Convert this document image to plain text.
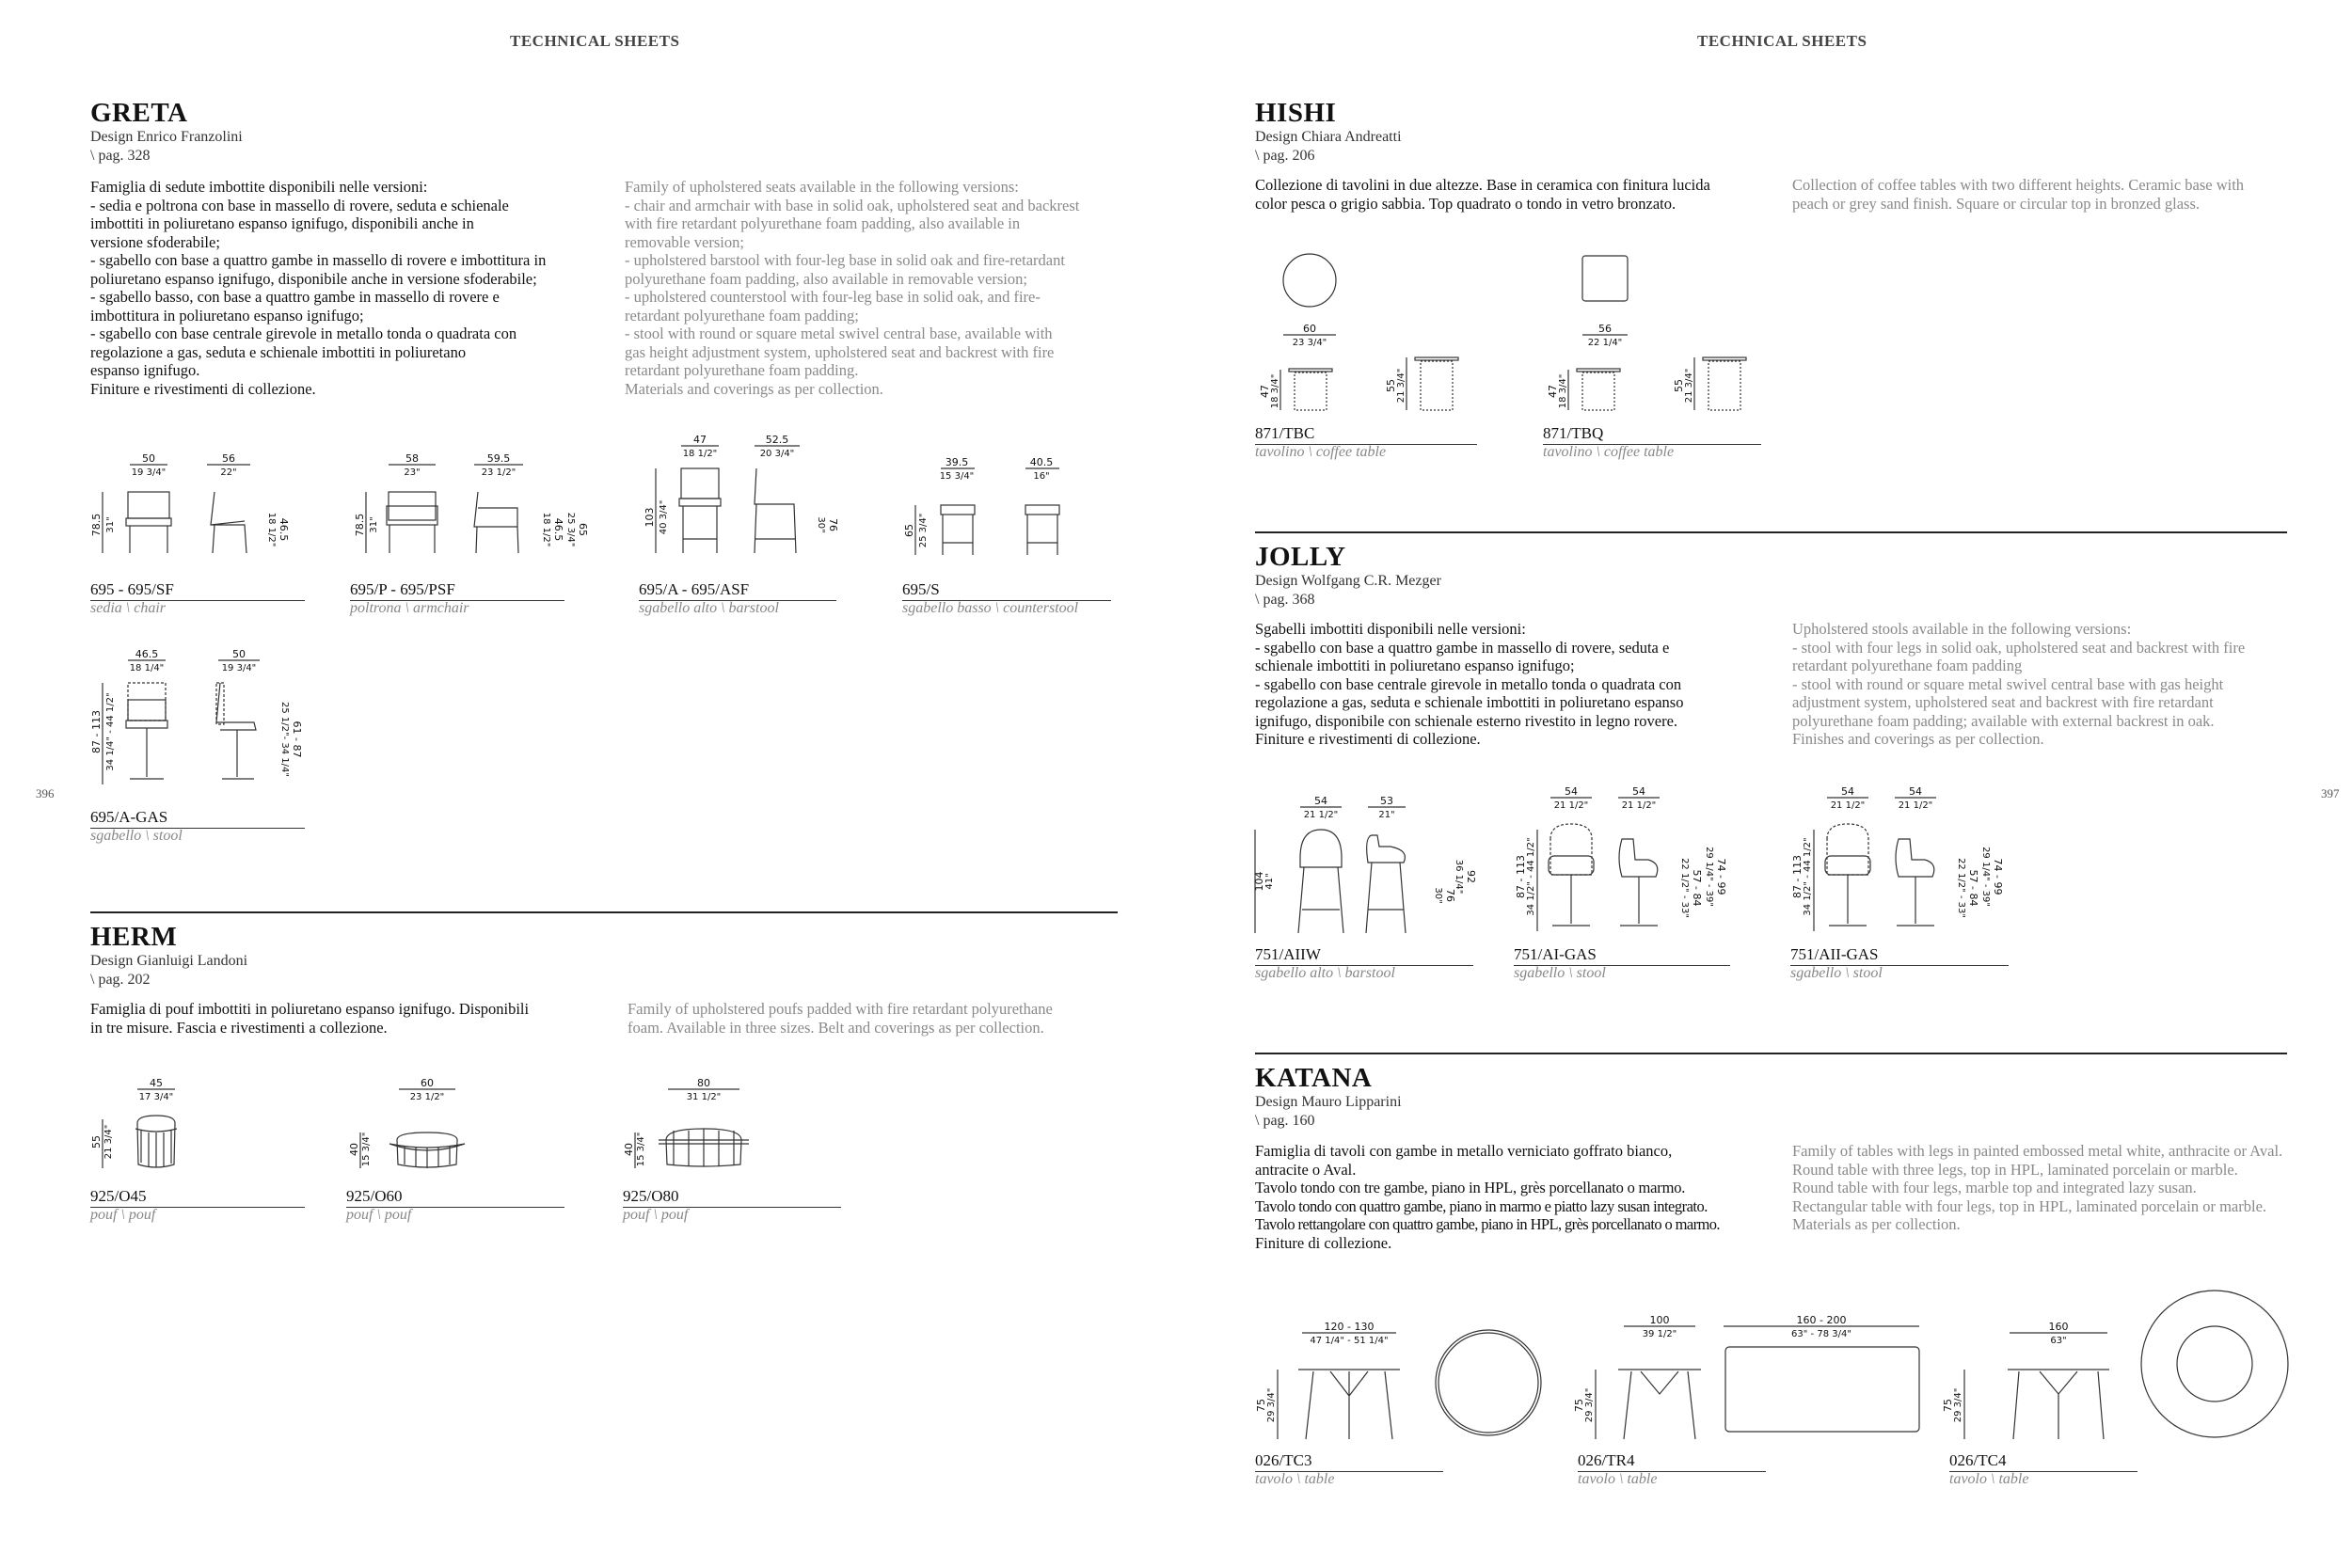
TECHNICAL SHEETS	TECHNICAL SHEETS
396	397
GRETA
Design Enrico Franzolini
\ pag. 328
Famiglia di sedute imbottite disponibili nelle versioni:
- sedia e poltrona con base in massello di rovere, seduta e schienale
imbottiti in poliuretano espanso ignifugo, disponibili anche in
versione sfoderabile;
- sgabello con base a quattro gambe in massello di rovere e imbottitura in
poliuretano espanso ignifugo, disponibile anche in versione sfoderabile;
- sgabello basso, con base a quattro gambe in massello di rovere e
imbottitura in poliuretano espanso ignifugo;
- sgabello con base centrale girevole in metallo tonda o quadrata con
regolazione a gas, seduta e schienale imbottiti in poliuretano
espanso ignifugo.
Finiture e rivestimenti di collezione.
Family of upholstered seats available in the following versions:
- chair and armchair with base in solid oak, upholstered seat and backrest
with fire retardant polyurethane foam padding, also available in
removable version;
- upholstered barstool with four-leg base in solid oak and fire-retardant
polyurethane foam padding, also available in removable version;
- upholstered counterstool with four-leg base in solid oak, and fire-
retardant polyurethane foam padding;
- stool with round or square metal swivel central base, available with
gas height adjustment system, upholstered seat and backrest with fire
retardant polyurethane foam padding.
Materials and coverings as per collection.
50
19 3/4"
56
22"
78.5 31"	46.5
18 1/2"
695 - 695/SF
sedia \ chair
58
23"
59.5
23 1/2"
78.5 31"	65
25 3/4"
46.5
18 1/2"
695/P - 695/PSF
poltrona \ armchair
47
18 1/2"
52.5
20 3/4"
103 40 3/4"	76
30"
695/A - 695/ASF
sgabello alto \ barstool
39.5
15 3/4"
40.5
16"
65 25 3/4"
695/S
sgabello basso \ counterstool
46.5
18 1/4"
50
19 3/4"
87 - 113 34 1/4" - 44 1/2"	61 - 87
25 1/2"- 34 1/4"
695/A-GAS
sgabello \ stool
HERM
Design Gianluigi Landoni
\ pag. 202
Famiglia di pouf imbottiti in poliuretano espanso ignifugo. Disponibili
in tre misure. Fascia e rivestimenti a collezione.
Family of upholstered poufs padded with fire retardant polyurethane
foam. Available in three sizes. Belt and coverings as per collection.
45
17 3/4"
55 21 3/4"
925/O45
pouf \ pouf
60
23 1/2"
40 15 3/4"
925/O60
pouf \ pouf
80
31 1/2"
40 15 3/4"
925/O80
pouf \ pouf
HISHI
Design Chiara Andreatti
\ pag. 206
Collezione di tavolini in due altezze. Base in ceramica con finitura lucida
color pesca o grigio sabbia. Top quadrato o tondo in vetro bronzato.
Collection of coffee tables with two different heights. Ceramic base with
peach or grey sand finish. Square or circular top in bronzed glass.
60
23 3/4"
47 18 3/4"	55 21 3/4"
871/TBC
tavolino \ coffee table
56
22 1/4"
47 18 3/4"	55 21 3/4"
871/TBQ
tavolino \ coffee table
JOLLY
Design Wolfgang C.R. Mezger
\ pag. 368
Sgabelli imbottiti disponibili nelle versioni:
- sgabello con base a quattro gambe in massello di rovere, seduta e
schienale imbottiti in poliuretano espanso ignifugo;
- sgabello con base centrale girevole in metallo tonda o quadrata con
regolazione a gas, seduta e schienale imbottiti in poliuretano espanso
ignifugo, disponibile con schienale esterno rivestito in legno rovere.
Finiture e rivestimenti di collezione.
Upholstered stools available in the following versions:
- stool with four legs in solid oak, upholstered seat and backrest with fire
retardant polyurethane foam padding
- stool with round or square metal swivel central base with gas height
adjustment system, upholstered seat and backrest with fire retardant
polyurethane foam padding; available with external backrest in oak.
Finishes and coverings as per collection.
54
21 1/2"
53
21"
104 41"
76
30"
92
36 1/4"
751/AIIW
sgabello alto \ barstool
54
21 1/2"
54
21 1/2"
87 - 113 34 1/2" - 44 1/2"	57 - 84
22 1/2" - 33" 74 - 99
29 1/4" - 39"
751/AI-GAS
sgabello \ stool
54
21 1/2"
54
21 1/2"
87 - 113 34 1/2" - 44 1/2"	57 - 84
22 1/2" - 33" 74 - 99
29 1/4" - 39"
751/AII-GAS
sgabello \ stool
KATANA
Design Mauro Lipparini
\ pag. 160
Famiglia di tavoli con gambe in metallo verniciato goffrato bianco,
antracite o Aval.
Tavolo tondo con tre gambe, piano in HPL, grès porcellanato o marmo.
Tavolo tondo con quattro gambe, piano in marmo e piatto lazy susan integrato.
Tavolo rettangolare con quattro gambe, piano in HPL, grès porcellanato o marmo.
Finiture di collezione.
Family of tables with legs in painted embossed metal white, anthracite or Aval.
Round table with three legs, top in HPL, laminated porcelain or marble.
Round table with four legs, marble top and integrated lazy susan.
Rectangular table with four legs, top in HPL, laminated porcelain or marble.
Materials as per collection.
120 - 130
47 1/4" - 51 1/4"
75 29 3/4"
026/TC3
tavolo \ table
100
39 1/2"
160 - 200
63" - 78 3/4"
75 29 3/4"
026/TR4
tavolo \ table
160
63"
75 29 3/4"
026/TC4
tavolo \ table
